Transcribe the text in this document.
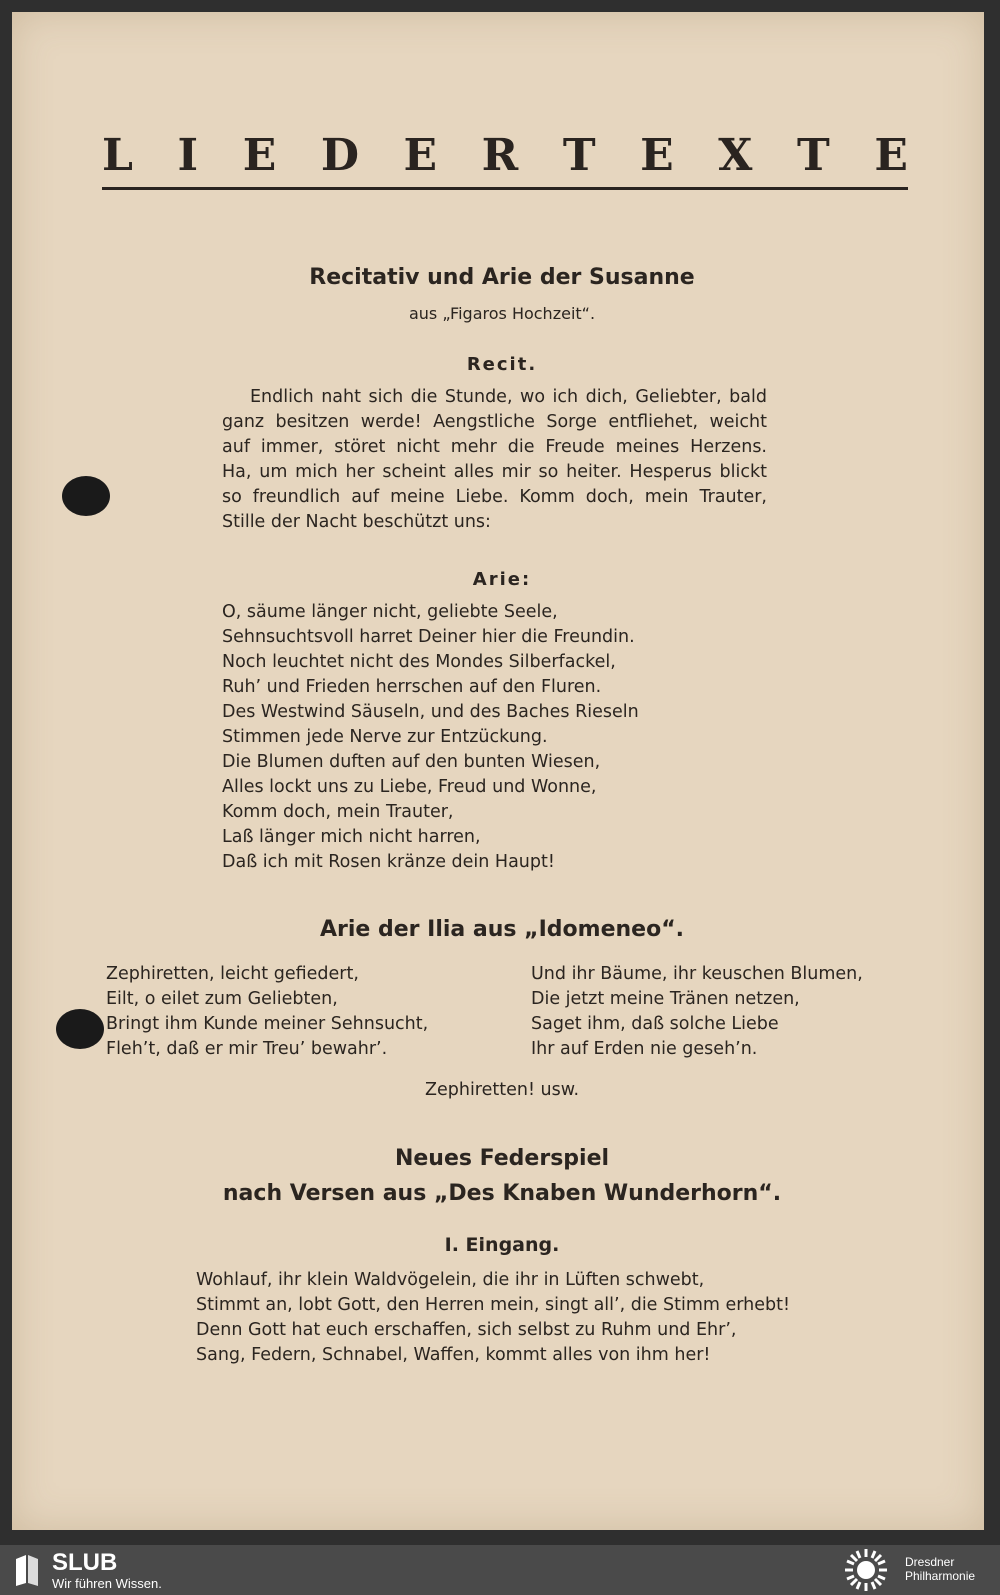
L I E D E R T E X T E
Recitativ und Arie der Susanne
aus „Figaros Hochzeit“.
Recit.
Endlich naht sich die Stunde, wo ich dich, Geliebter, bald
ganz besitzen werde! Aengstliche Sorge entfliehet, weicht
auf immer, störet nicht mehr die Freude meines Herzens.
Ha, um mich her scheint alles mir so heiter. Hesperus blickt
so freundlich auf meine Liebe. Komm doch, mein Trauter,
Stille der Nacht beschützt uns:
Arie:
O, säume länger nicht, geliebte Seele,
Sehnsuchtsvoll harret Deiner hier die Freundin.
Noch leuchtet nicht des Mondes Silberfackel,
Ruh’ und Frieden herrschen auf den Fluren.
Des Westwind Säuseln, und des Baches Rieseln
Stimmen jede Nerve zur Entzückung.
Die Blumen duften auf den bunten Wiesen,
Alles lockt uns zu Liebe, Freud und Wonne,
Komm doch, mein Trauter,
Laß länger mich nicht harren,
Daß ich mit Rosen kränze dein Haupt!
Arie der Ilia aus „Idomeneo“.
Zephiretten, leicht gefiedert,
Eilt, o eilet zum Geliebten,
Bringt ihm Kunde meiner Sehnsucht,
Fleh’t, daß er mir Treu’ bewahr’.
Und ihr Bäume, ihr keuschen Blumen,
Die jetzt meine Tränen netzen,
Saget ihm, daß solche Liebe
Ihr auf Erden nie geseh’n.
Zephiretten! usw.
Neues Federspiel
nach Versen aus „Des Knaben Wunderhorn“.
I. Eingang.
Wohlauf, ihr klein Waldvögelein, die ihr in Lüften schwebt,
Stimmt an, lobt Gott, den Herren mein, singt all’, die Stimm erhebt!
Denn Gott hat euch erschaffen, sich selbst zu Ruhm und Ehr’,
Sang, Federn, Schnabel, Waffen, kommt alles von ihm her!
SLUB
Wir führen Wissen.
Dresdner
Philharmonie
